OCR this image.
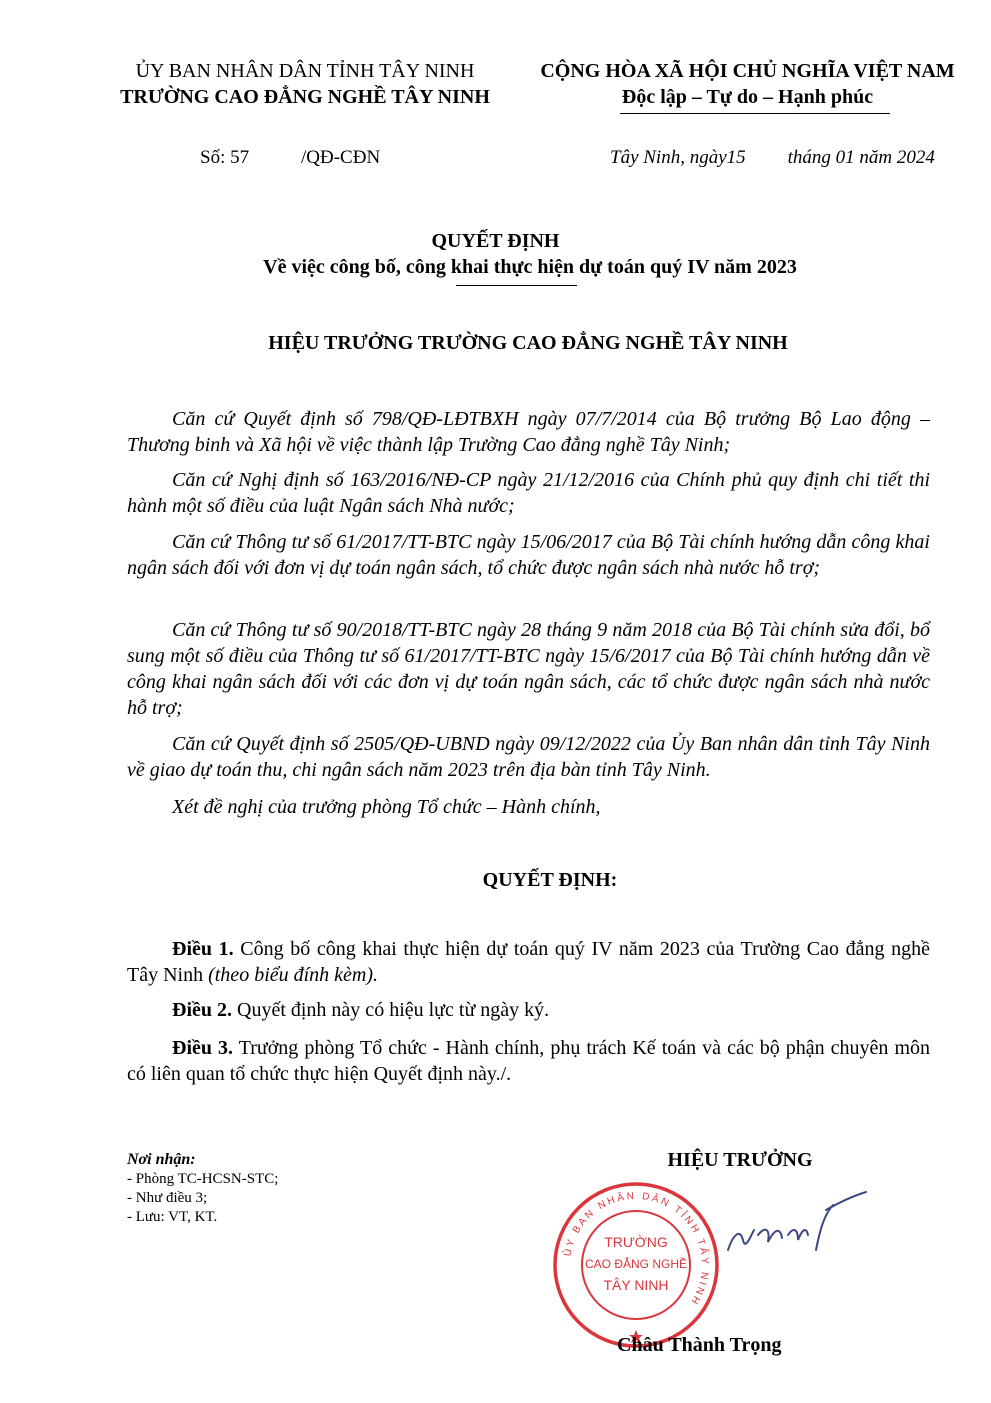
ỦY BAN NHÂN DÂN TỈNH TÂY NINH
TRƯỜNG CAO ĐẲNG NGHỀ TÂY NINH
CỘNG HÒA XÃ HỘI CHỦ NGHĨA VIỆT NAM
Độc lập – Tự do – Hạnh phúc
Số: 57	/QĐ-CĐN	Tây Ninh, ngày15 tháng 01 năm 2024
QUYẾT ĐỊNH
Về việc công bố, công khai thực hiện dự toán quý IV năm 2023
HIỆU TRƯỞNG TRƯỜNG CAO ĐẲNG NGHỀ TÂY NINH
Căn cứ Quyết định số 798/QĐ-LĐTBXH ngày 07/7/2014 của Bộ trưởng Bộ Lao động – Thương binh và Xã hội về việc thành lập Trường Cao đẳng nghề Tây Ninh;
Căn cứ Nghị định số 163/2016/NĐ-CP ngày 21/12/2016 của Chính phủ quy định chi tiết thi hành một số điều của luật Ngân sách Nhà nước;
Căn cứ Thông tư số 61/2017/TT-BTC ngày 15/06/2017 của Bộ Tài chính hướng dẫn công khai ngân sách đối với đơn vị dự toán ngân sách, tổ chức được ngân sách nhà nước hỗ trợ;
Căn cứ Thông tư số 90/2018/TT-BTC ngày 28 tháng 9 năm 2018 của Bộ Tài chính sửa đổi, bổ sung một số điều của Thông tư số 61/2017/TT-BTC ngày 15/6/2017 của Bộ Tài chính hướng dẫn về công khai ngân sách đối với các đơn vị dự toán ngân sách, các tổ chức được ngân sách nhà nước hỗ trợ;
Căn cứ Quyết định số 2505/QĐ-UBND ngày 09/12/2022 của Ủy Ban nhân dân tỉnh Tây Ninh về giao dự toán thu, chi ngân sách năm 2023 trên địa bàn tỉnh Tây Ninh.
Xét đề nghị của trưởng phòng Tổ chức – Hành chính,
QUYẾT ĐỊNH:
Điều 1. Công bố công khai thực hiện dự toán quý IV năm 2023 của Trường Cao đẳng nghề Tây Ninh (theo biểu đính kèm).
Điều 2. Quyết định này có hiệu lực từ ngày ký.
Điều 3. Trưởng phòng Tổ chức - Hành chính, phụ trách Kế toán và các bộ phận chuyên môn có liên quan tổ chức thực hiện Quyết định này./.
Nơi nhận:
- Phòng TC-HCSN-STC;
- Như điều 3;
- Lưu: VT, KT.
HIỆU TRƯỞNG
ỦY BAN NHÂN DÂN TỈNH TÂY NINH
TRƯỜNG
CAO ĐẲNG NGHỀ
TÂY NINH
Châu Thành Trọng
